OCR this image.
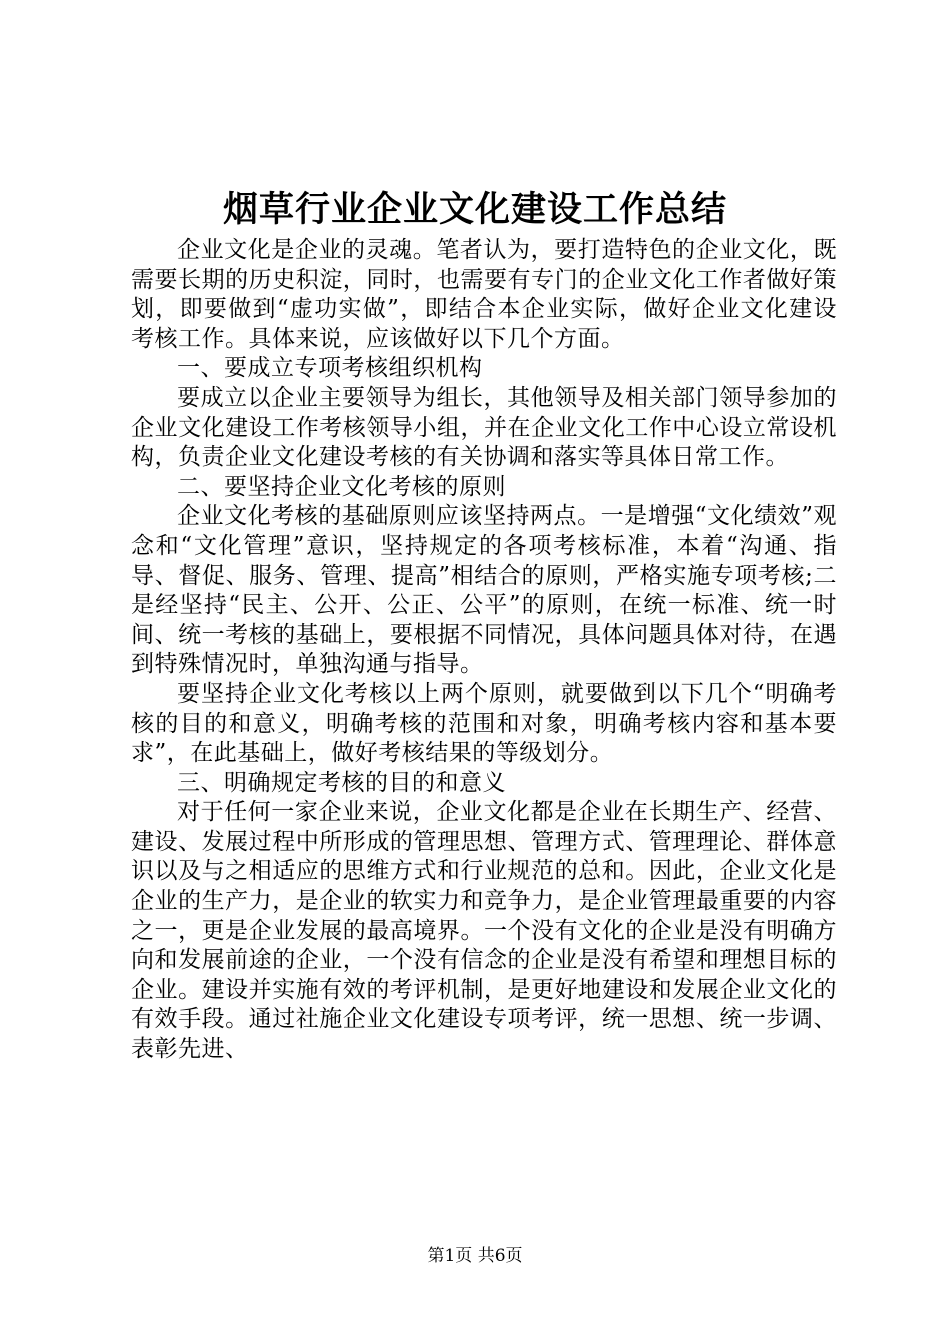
烟草行业企业文化建设工作总结

企业文化是企业的灵魂。笔者认为，要打造特色的企业文化，既需要长期的历史积淀，同时，也需要有专门的企业文化工作者做好策划，即要做到“虚功实做”，即结合本企业实际，做好企业文化建设考核工作。具体来说，应该做好以下几个方面。

一、要成立专项考核组织机构

要成立以企业主要领导为组长，其他领导及相关部门领导参加的企业文化建设工作考核领导小组，并在企业文化工作中心设立常设机构，负责企业文化建设考核的有关协调和落实等具体日常工作。

二、要坚持企业文化考核的原则

企业文化考核的基础原则应该坚持两点。一是增强“文化绩效”观念和“文化管理”意识，坚持规定的各项考核标准，本着“沟通、指导、督促、服务、管理、提高”相结合的原则，严格实施专项考核;二是经坚持“民主、公开、公正、公平”的原则，在统一标准、统一时间、统一考核的基础上，要根据不同情况，具体问题具体对待，在遇到特殊情况时，单独沟通与指导。

要坚持企业文化考核以上两个原则，就要做到以下几个“明确考核的目的和意义，明确考核的范围和对象，明确考核内容和基本要求”，在此基础上，做好考核结果的等级划分。

三、明确规定考核的目的和意义

对于任何一家企业来说，企业文化都是企业在长期生产、经营、建设、发展过程中所形成的管理思想、管理方式、管理理论、群体意识以及与之相适应的思维方式和行业规范的总和。因此，企业文化是企业的生产力，是企业的软实力和竞争力，是企业管理最重要的内容之一，更是企业发展的最高境界。一个没有文化的企业是没有明确方向和发展前途的企业，一个没有信念的企业是没有希望和理想目标的企业。建设并实施有效的考评机制，是更好地建设和发展企业文化的有效手段。通过社施企业文化建设专项考评，统一思想、统一步调、表彰先进、

第1页 共6页
